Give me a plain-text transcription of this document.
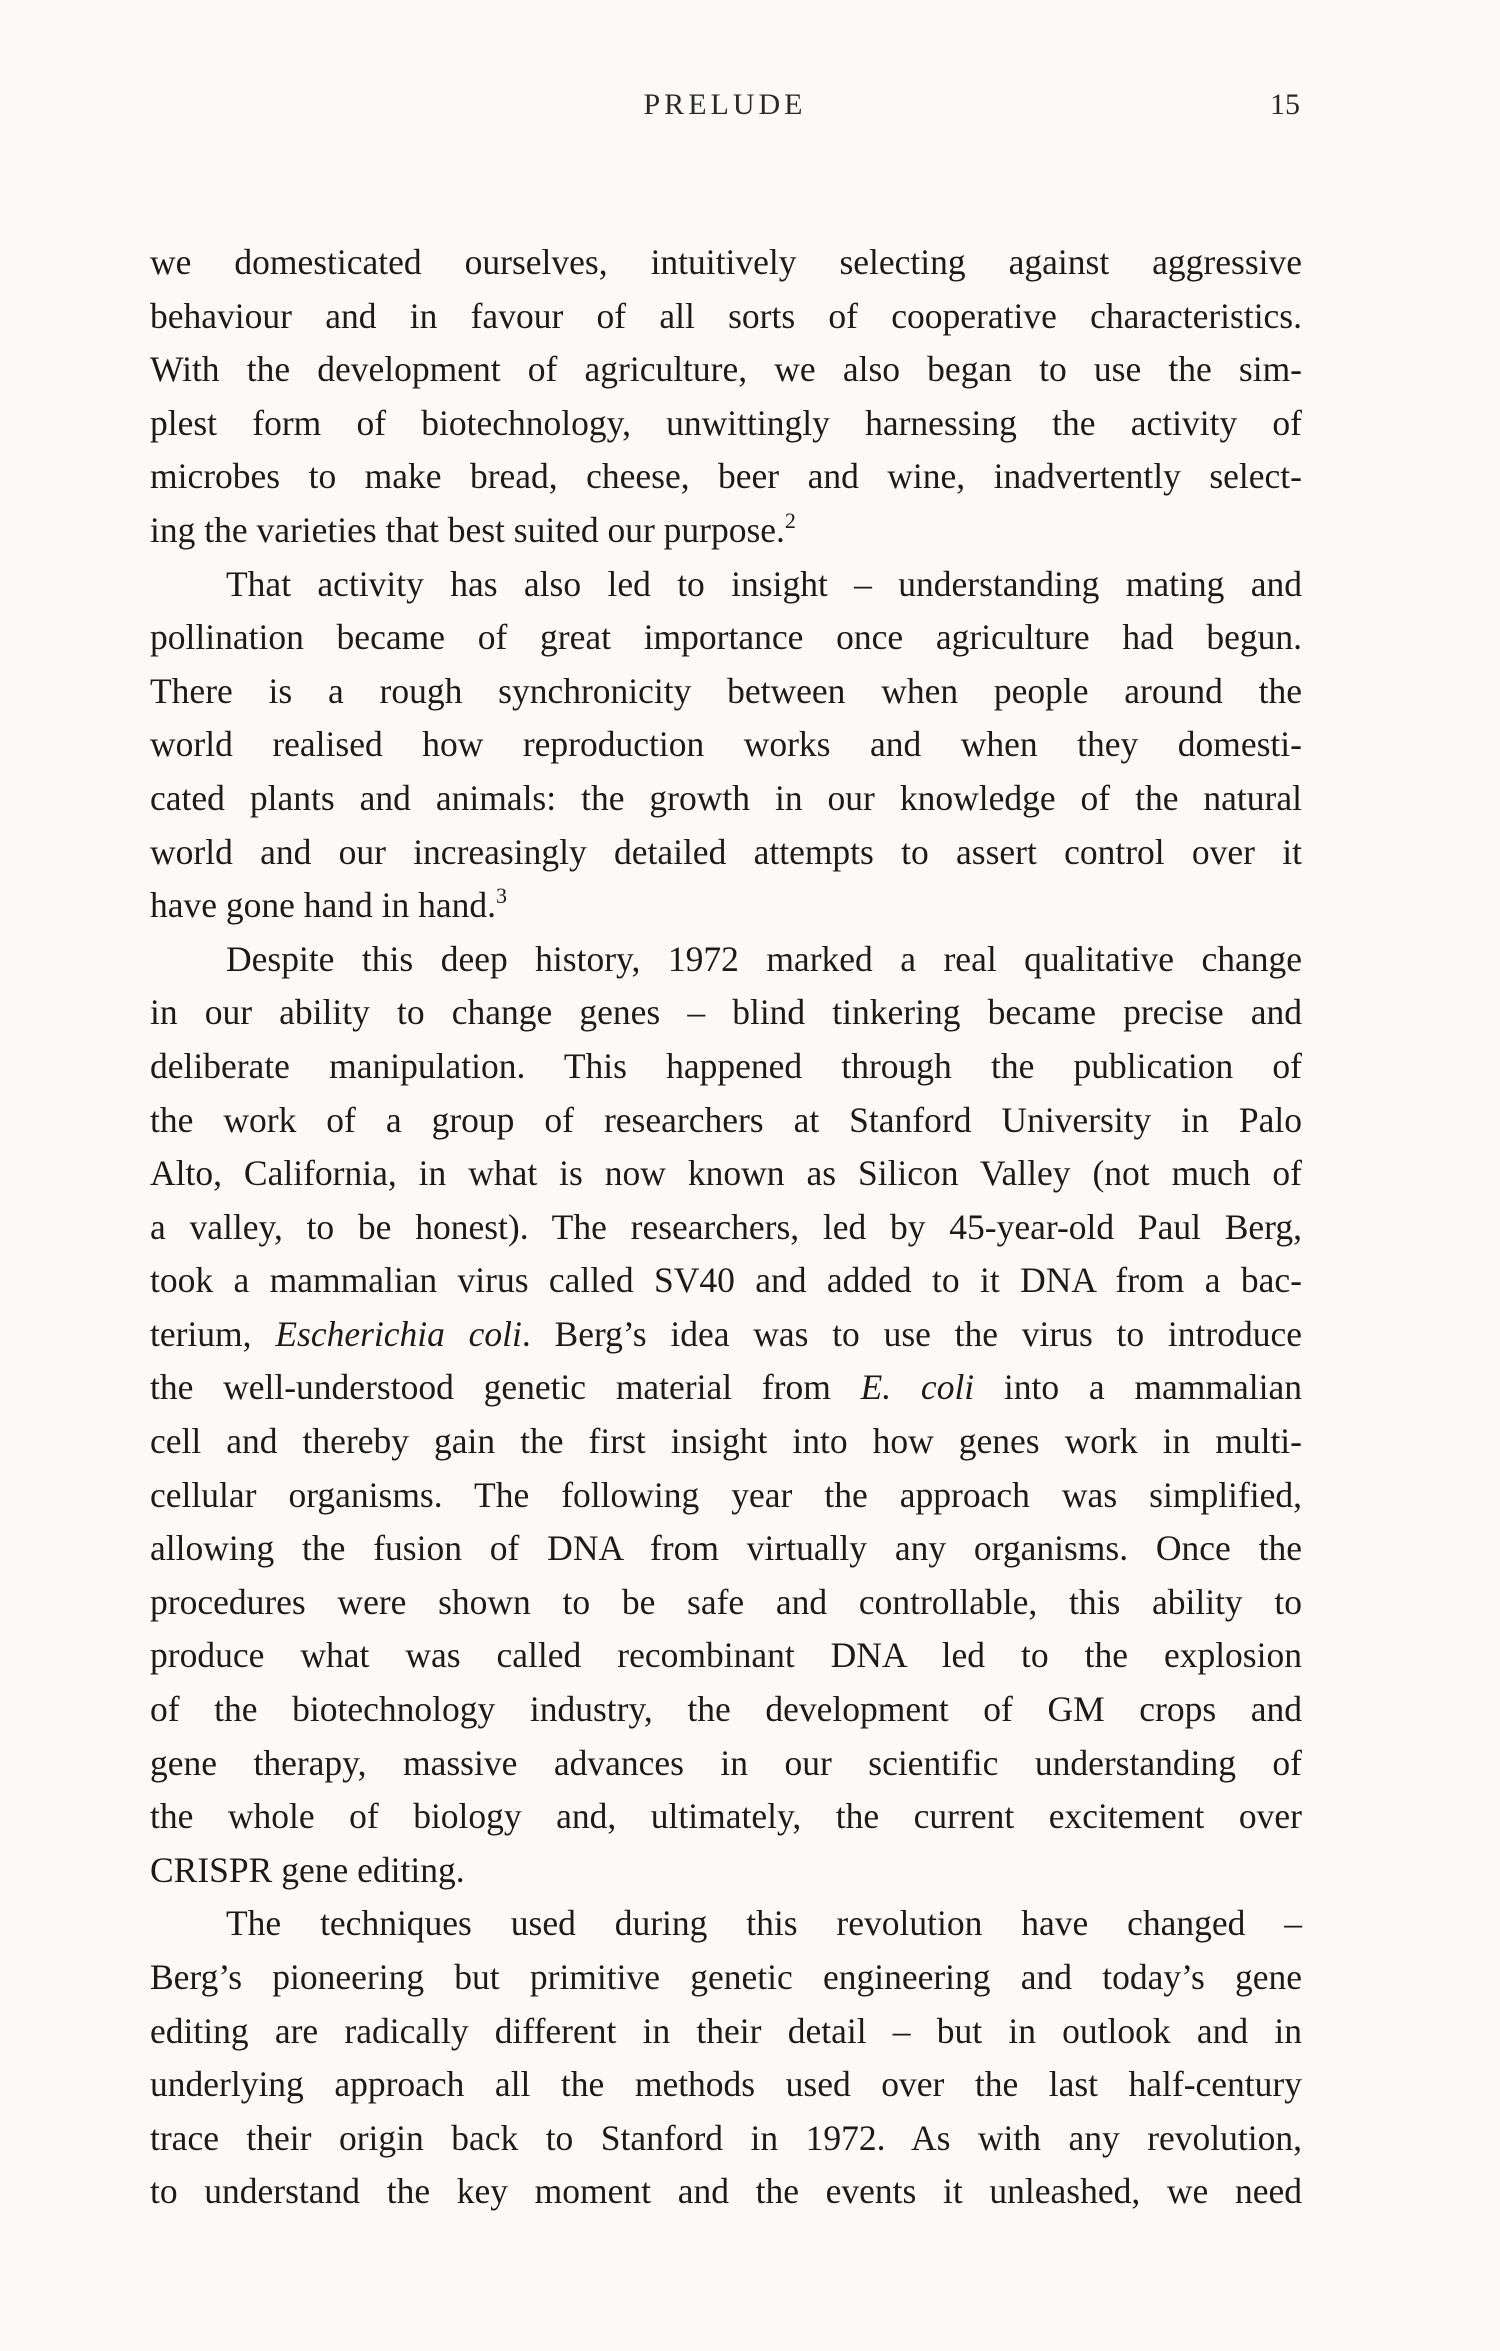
PRELUDE	15
we domesticated ourselves, intuitively selecting against aggressive
behaviour and in favour of all sorts of cooperative characteristics.
With the development of agriculture, we also began to use the sim-
plest form of biotechnology, unwittingly harnessing the activity of
microbes to make bread, cheese, beer and wine, inadvertently select-
ing the varieties that best suited our purpose.$^2$
That activity has also led to insight – understanding mating and
pollination became of great importance once agriculture had begun.
There is a rough synchronicity between when people around the
world realised how reproduction works and when they domesti-
cated plants and animals: the growth in our knowledge of the natural
world and our increasingly detailed attempts to assert control over it
have gone hand in hand.$^3$
Despite this deep history, 1972 marked a real qualitative change
in our ability to change genes – blind tinkering became precise and
deliberate manipulation. This happened through the publication of
the work of a group of researchers at Stanford University in Palo
Alto, California, in what is now known as Silicon Valley (not much of
a valley, to be honest). The researchers, led by 45-year-old Paul Berg,
took a mammalian virus called SV40 and added to it DNA from a bac-
terium, Escherichia coli. Berg’s idea was to use the virus to introduce
the well-understood genetic material from E. coli into a mammalian
cell and thereby gain the first insight into how genes work in multi-
cellular organisms. The following year the approach was simplified,
allowing the fusion of DNA from virtually any organisms. Once the
procedures were shown to be safe and controllable, this ability to
produce what was called recombinant DNA led to the explosion
of the biotechnology industry, the development of GM crops and
gene therapy, massive advances in our scientific understanding of
the whole of biology and, ultimately, the current excitement over
CRISPR gene editing.
The techniques used during this revolution have changed –
Berg’s pioneering but primitive genetic engineering and today’s gene
editing are radically different in their detail – but in outlook and in
underlying approach all the methods used over the last half-century
trace their origin back to Stanford in 1972. As with any revolution,
to understand the key moment and the events it unleashed, we need
